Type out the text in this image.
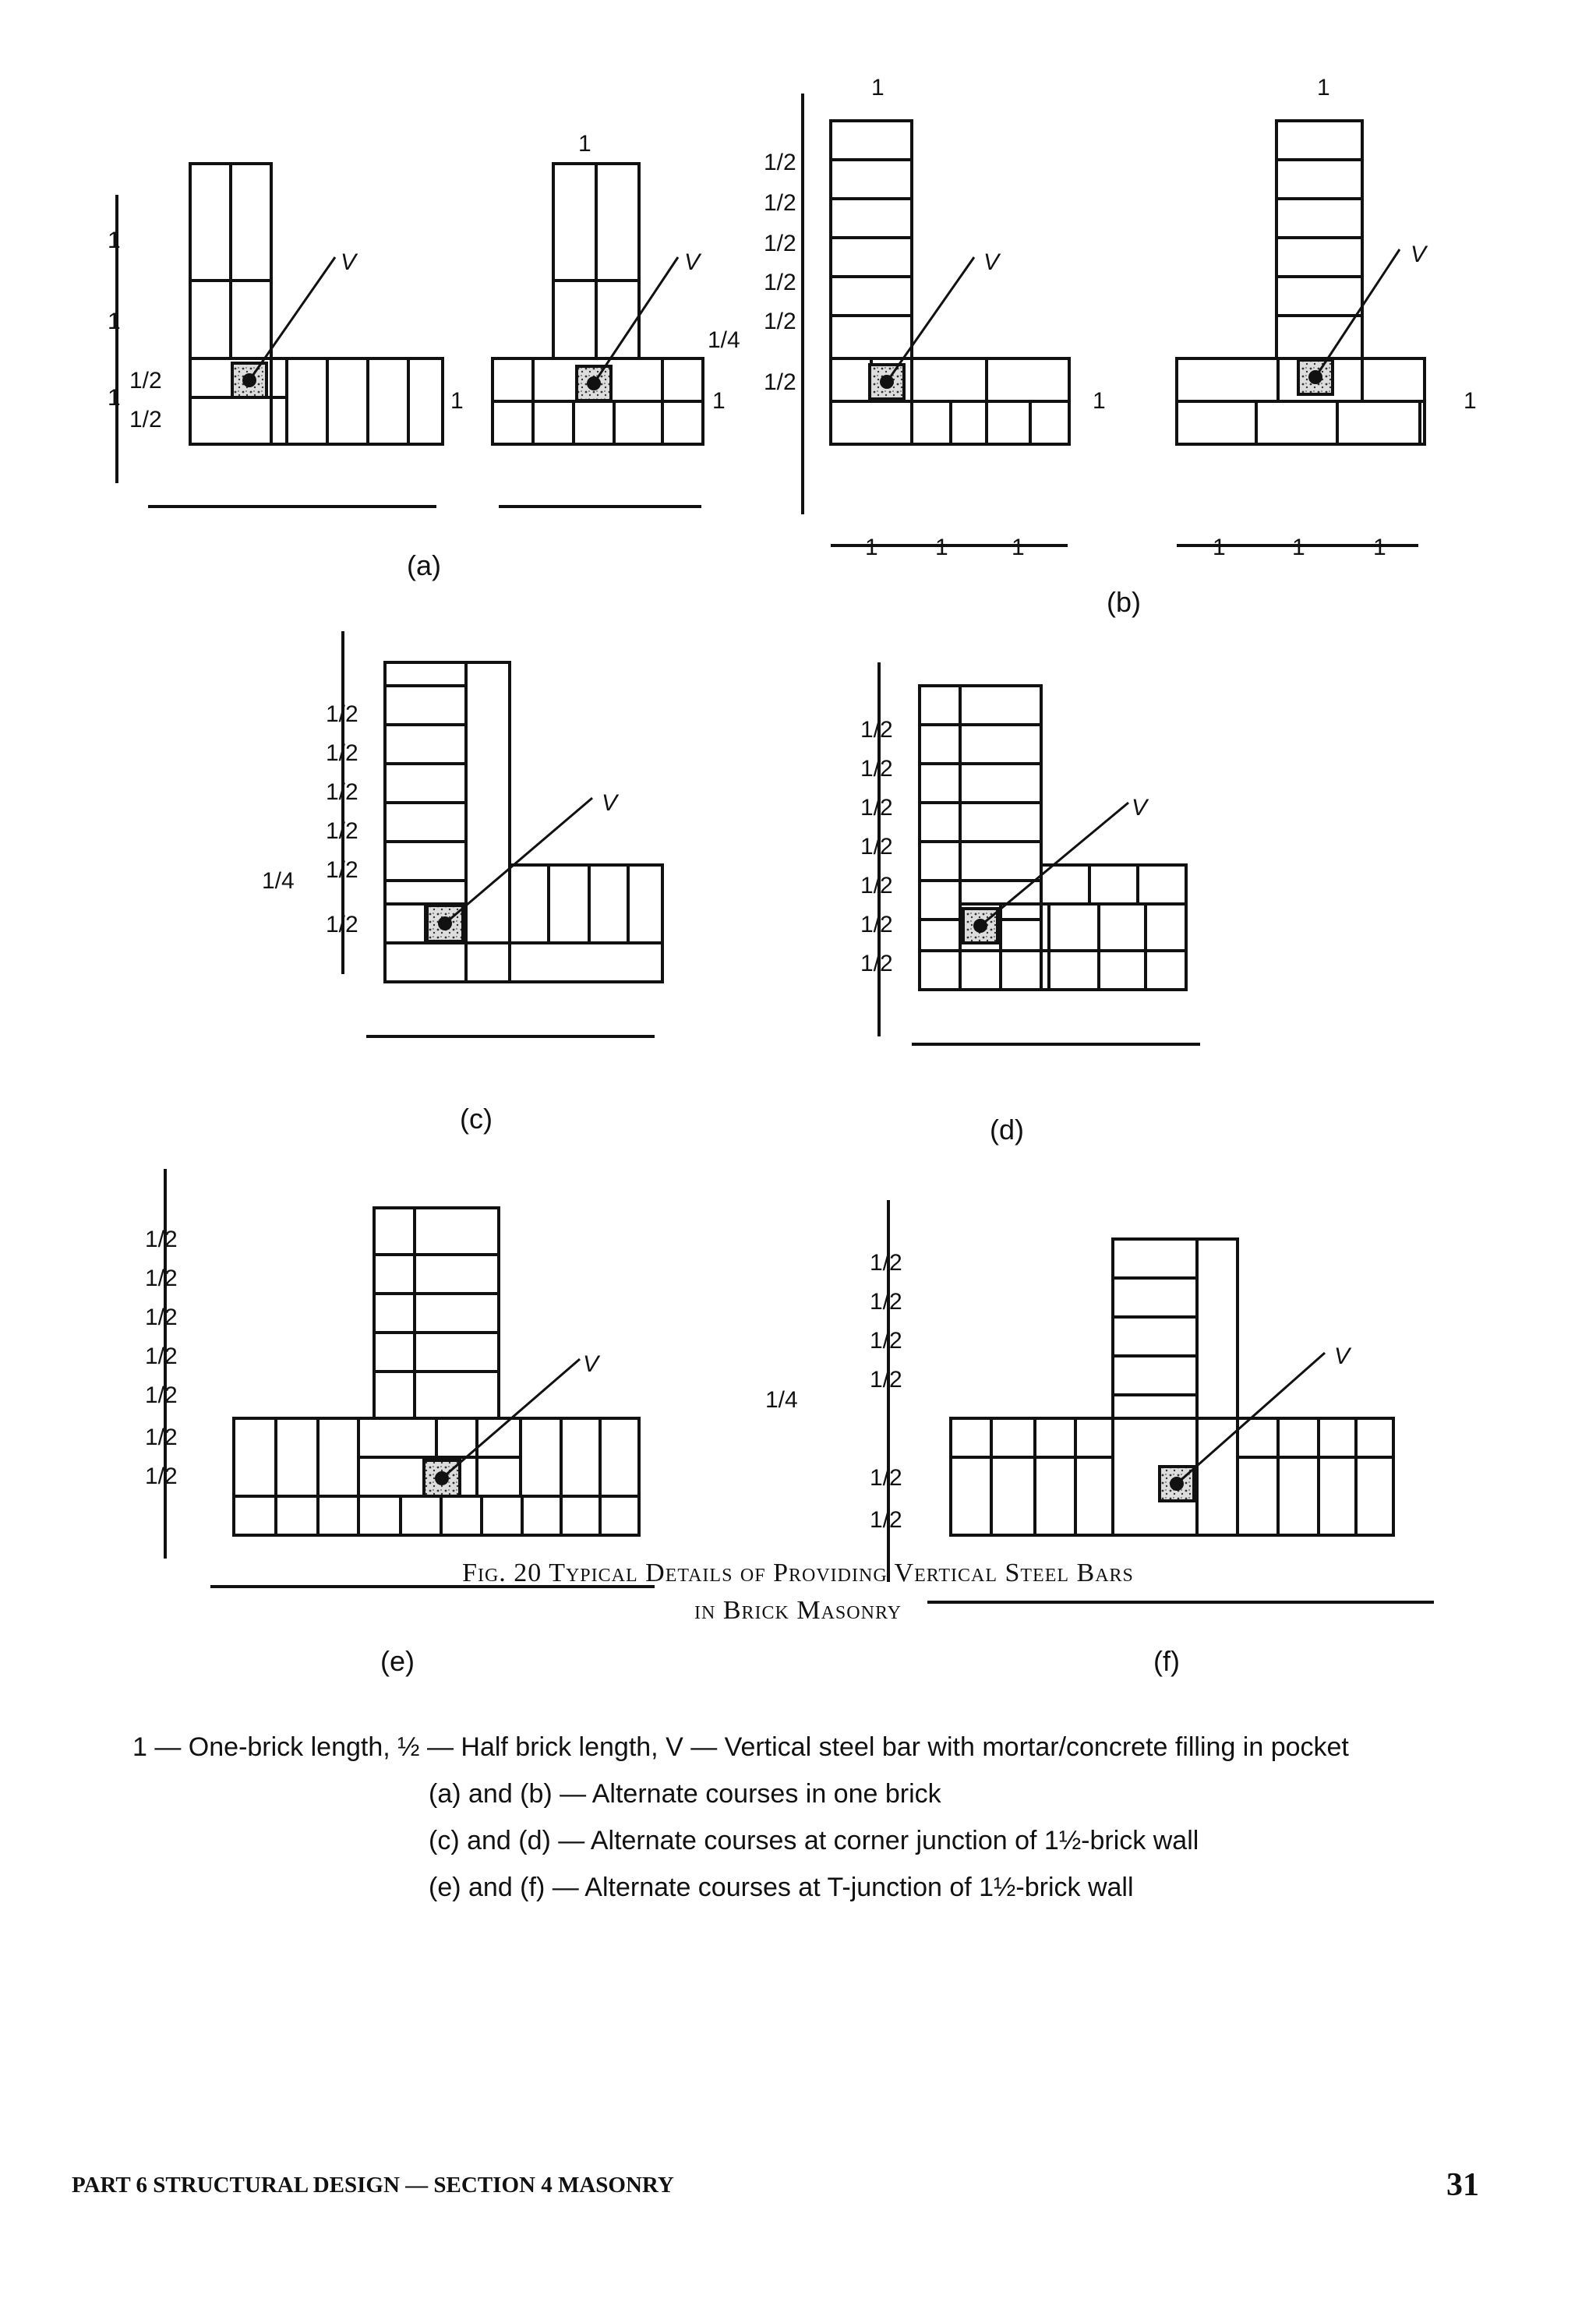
(a)
(b)
(c)	(d)
(e)	(f)
V	V	V	V
V	V
V	V
1
1
1/2
1
1/2
1
1
1
1
1/2
1/2
1/2
1/2
1/2
1/4
1/2
1
1 1	1
1
1
1	1	1
1/2
1/2
1/2
1/2
1/2
1/4
1/2
1/2
1/2
1/2
1/2
1/2
1/2
1/2
1/2
1/2
1/2
1/2
1/2
1/2
1/2
1/2
1/2
1/2
1/2
1/4
1/2
1/2
1 — One-brick length, ½ — Half brick length, V — Vertical steel bar with mortar/concrete filling in pocket
(a) and (b) — Alternate courses in one brick
(c) and (d) — Alternate courses at corner junction of 1½-brick wall
(e) and (f) — Alternate courses at T-junction of 1½-brick wall
Fig. 20 Typical Details of Providing Vertical Steel Bars
in Brick Masonry
PART 6 STRUCTURAL DESIGN — SECTION 4 MASONRY	31
